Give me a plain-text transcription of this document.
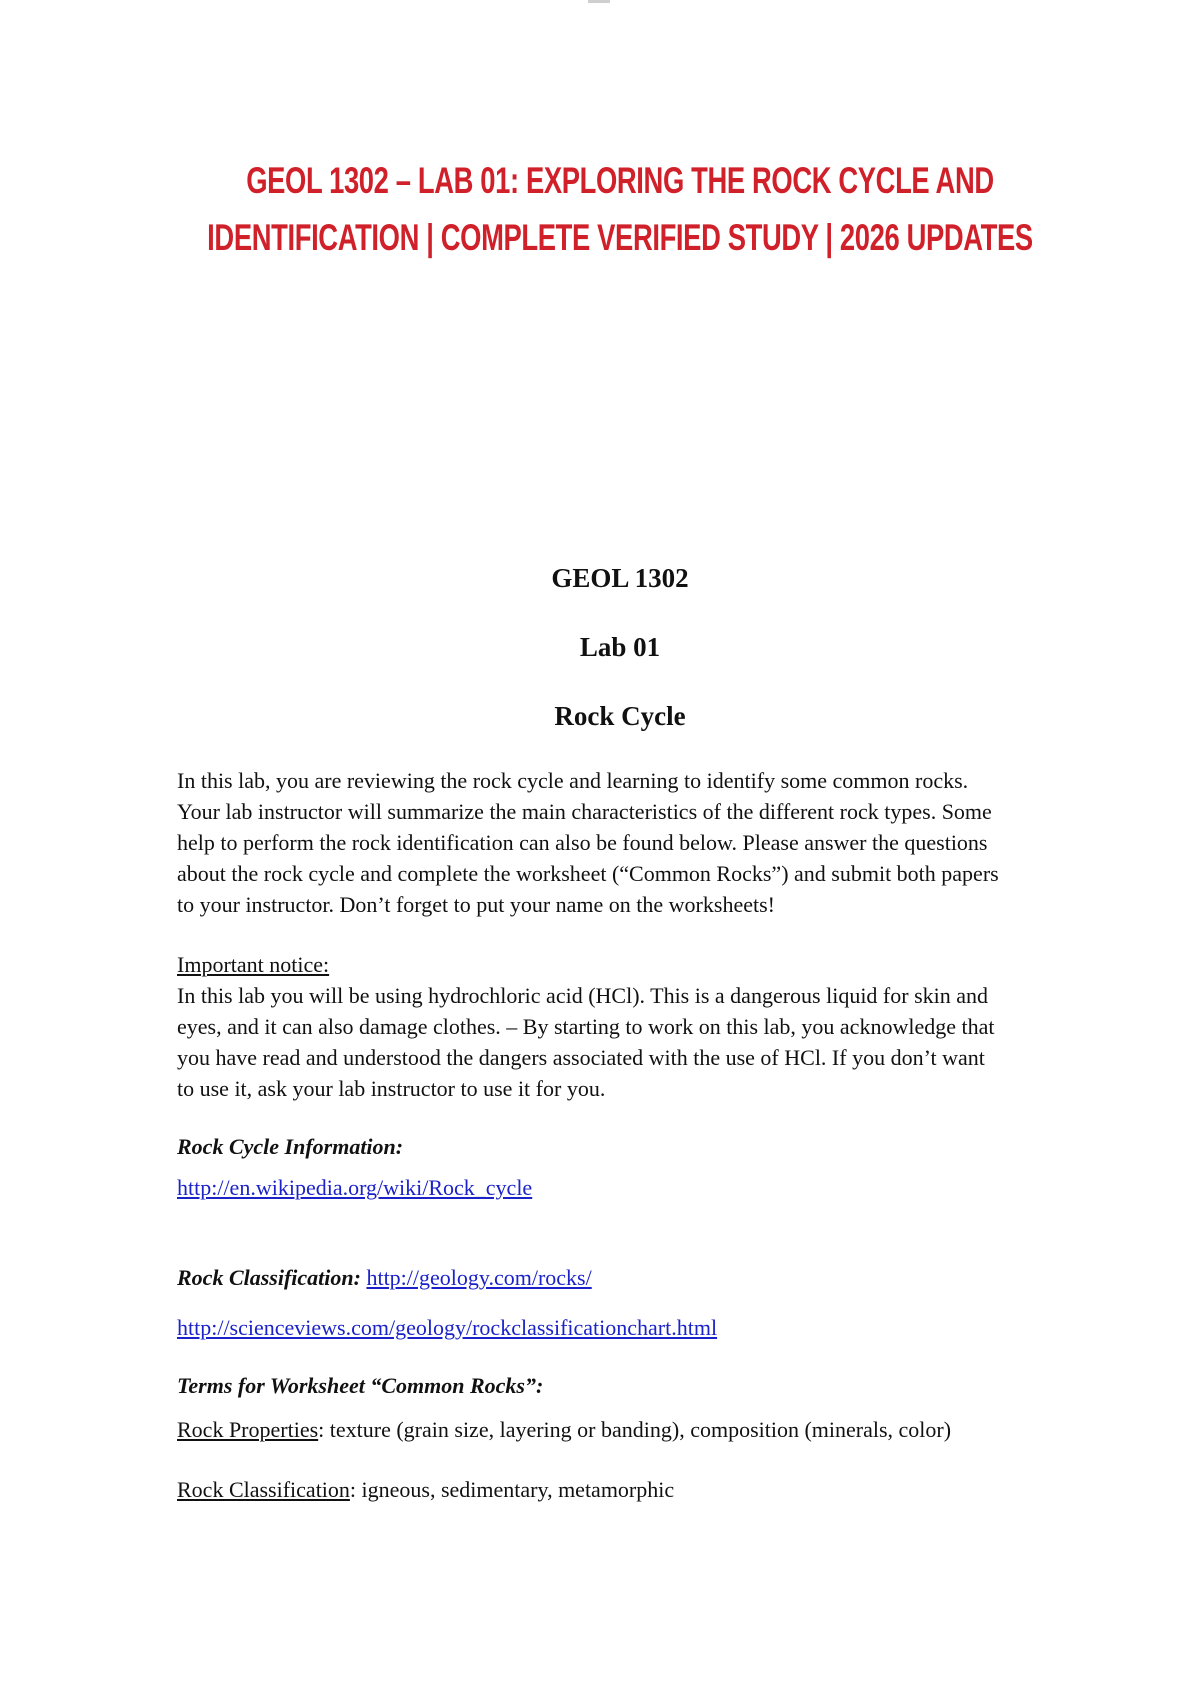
GEOL 1302 – LAB 01: EXPLORING THE ROCK CYCLE AND
IDENTIFICATION | COMPLETE VERIFIED STUDY | 2026 UPDATES
GEOL 1302
Lab 01
Rock Cycle
In this lab, you are reviewing the rock cycle and learning to identify some common rocks.
Your lab instructor will summarize the main characteristics of the different rock types. Some
help to perform the rock identification can also be found below. Please answer the questions
about the rock cycle and complete the worksheet (“Common Rocks”) and submit both papers
to your instructor. Don’t forget to put your name on the worksheets!
Important notice:
In this lab you will be using hydrochloric acid (HCl). This is a dangerous liquid for skin and
eyes, and it can also damage clothes. – By starting to work on this lab, you acknowledge that
you have read and understood the dangers associated with the use of HCl. If you don’t want
to use it, ask your lab instructor to use it for you.
Rock Cycle Information:
http://en.wikipedia.org/wiki/Rock_cycle
Rock Classification: http://geology.com/rocks/
http://scienceviews.com/geology/rockclassificationchart.html
Terms for Worksheet “Common Rocks”:
Rock Properties: texture (grain size, layering or banding), composition (minerals, color)
Rock Classification: igneous, sedimentary, metamorphic
